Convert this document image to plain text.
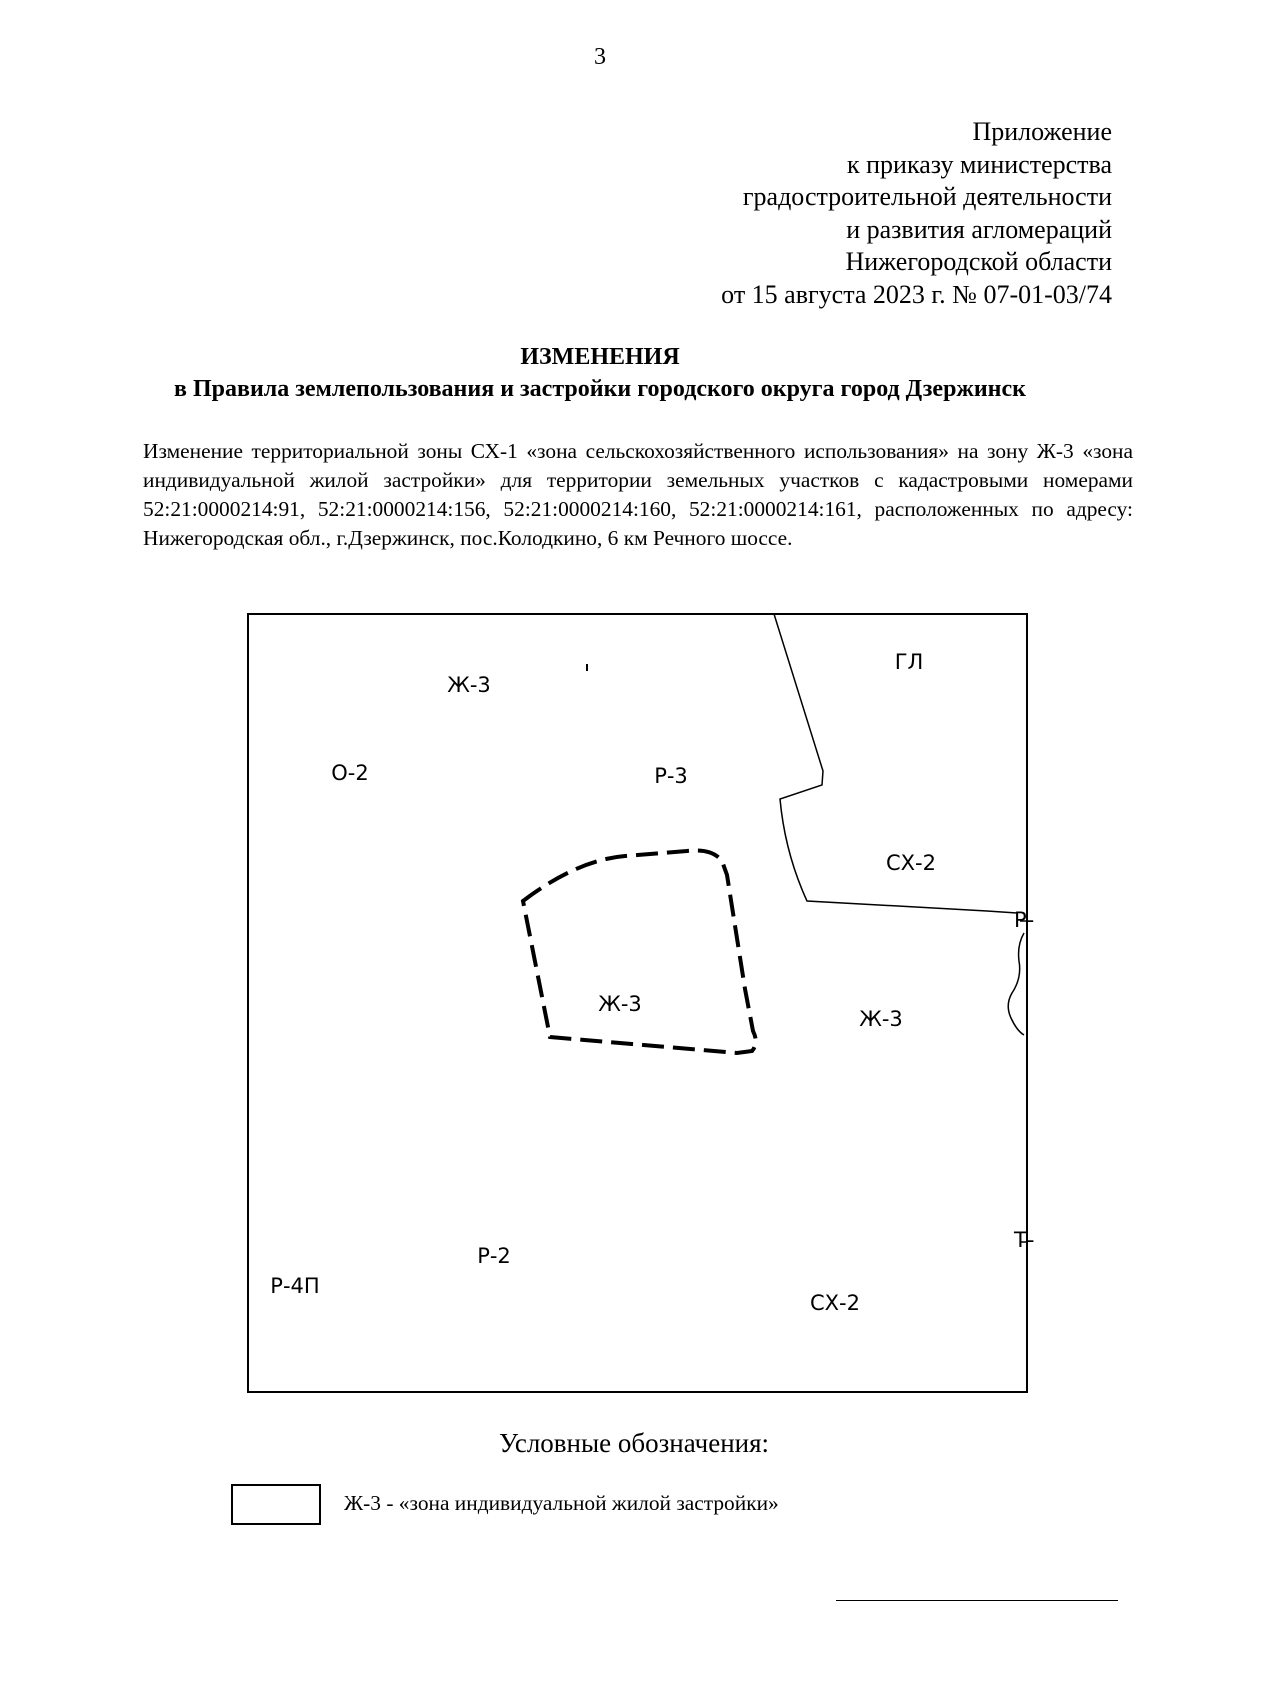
3
Приложение
к приказу министерства
градостроительной деятельности
и развития агломераций
Нижегородской области
от 15 августа 2023 г. № 07-01-03/74
ИЗМЕНЕНИЯ
в Правила землепользования и застройки городского округа город Дзержинск
Изменение территориальной зоны СХ-1 «зона сельскохозяйственного использования» на зону Ж-3 «зона индивидуальной жилой застройки» для территории земельных участков с кадастровыми номерами 52:21:0000214:91, 52:21:0000214:156, 52:21:0000214:160, 52:21:0000214:161, расположенных по адресу: Нижегородская обл., г.Дзержинск, пос.Колодкино, 6 км Речного шоссе.
Ж-3
ГЛ
О-2	Р-3
СХ-2
Р-
Ж-3
Ж-3
Т-
Р-2
Р-4П
СХ-2
Условные обозначения:
Ж-3 - «зона индивидуальной жилой застройки»
